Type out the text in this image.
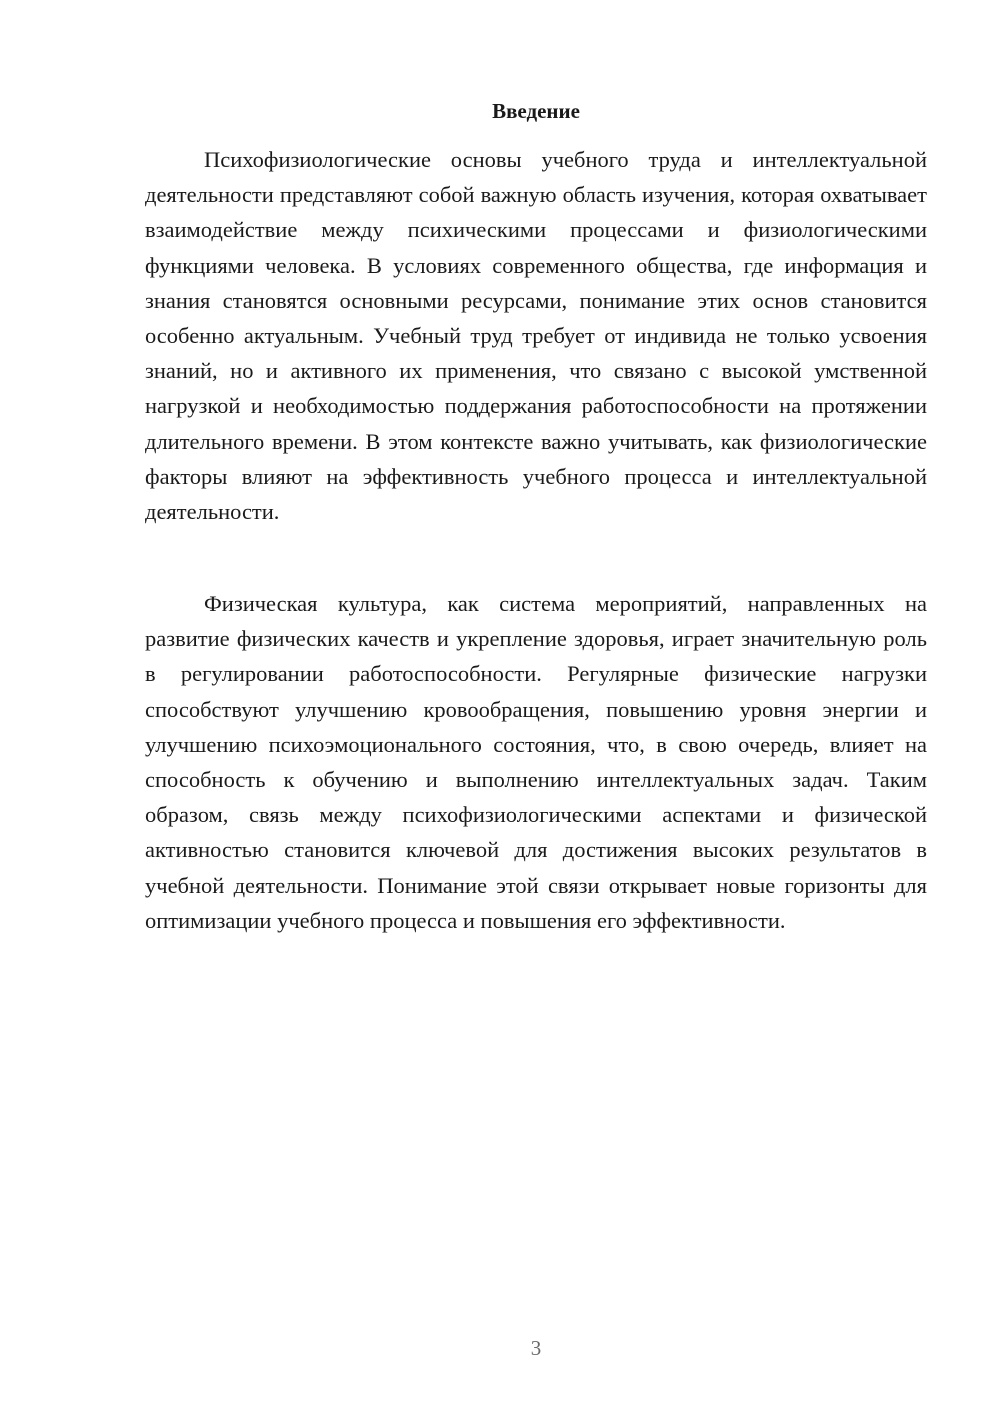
Введение

Психофизиологические основы учебного труда и интеллектуальной деятельности представляют собой важную область изучения, которая охватывает взаимодействие между психическими процессами и физиологическими функциями человека. В условиях современного общества, где информация и знания становятся основными ресурсами, понимание этих основ становится особенно актуальным. Учебный труд требует от индивида не только усвоения знаний, но и активного их применения, что связано с высокой умственной нагрузкой и необходимостью поддержания работоспособности на протяжении длительного времени. В этом контексте важно учитывать, как физиологические факторы влияют на эффективность учебного процесса и интеллектуальной деятельности.

Физическая культура, как система мероприятий, направленных на развитие физических качеств и укрепление здоровья, играет значительную роль в регулировании работоспособности. Регулярные физические нагрузки способствуют улучшению кровообращения, повышению уровня энергии и улучшению психоэмоционального состояния, что, в свою очередь, влияет на способность к обучению и выполнению интеллектуальных задач. Таким образом, связь между психофизиологическими аспектами и физической активностью становится ключевой для достижения высоких результатов в учебной деятельности. Понимание этой связи открывает новые горизонты для оптимизации учебного процесса и повышения его эффективности.

3
